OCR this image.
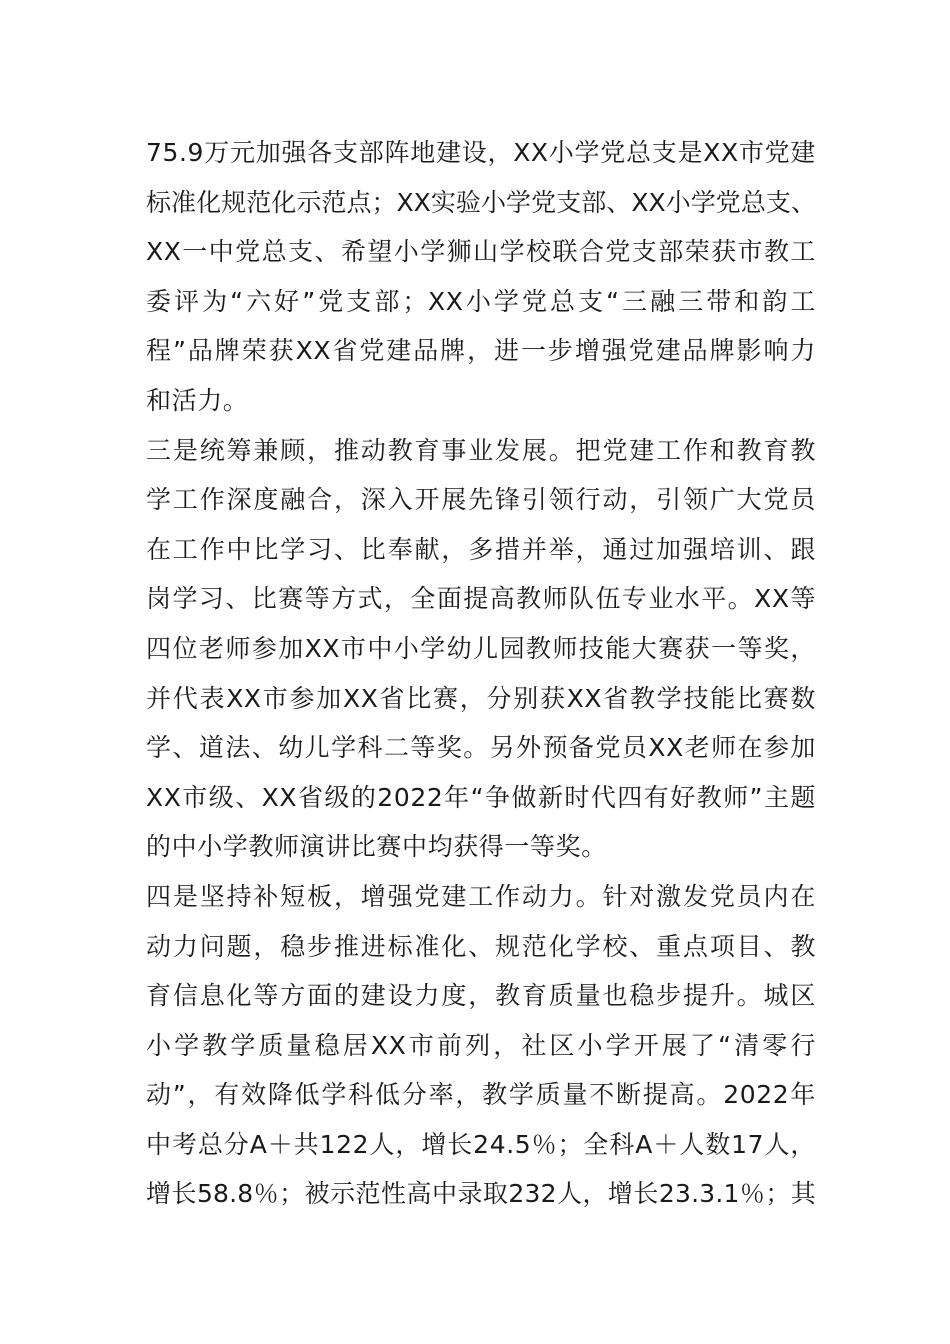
75.9万元加强各支部阵地建设，XX小学党总支是XX市党建
标准化规范化示范点；XX实验小学党支部、XX小学党总支、
XX一中党总支、希望小学狮山学校联合党支部荣获市教工
委评为“六好”党支部；XX小学党总支“三融三带和韵工
程”品牌荣获XX省党建品牌，进一步增强党建品牌影响力
和活力。
三是统筹兼顾，推动教育事业发展。把党建工作和教育教
学工作深度融合，深入开展先锋引领行动，引领广大党员
在工作中比学习、比奉献，多措并举，通过加强培训、跟
岗学习、比赛等方式，全面提高教师队伍专业水平。XX等
四位老师参加XX市中小学幼儿园教师技能大赛获一等奖，
并代表XX市参加XX省比赛，分别获XX省教学技能比赛数
学、道法、幼儿学科二等奖。另外预备党员XX老师在参加
XX市级、XX省级的2022年“争做新时代四有好教师”主题
的中小学教师演讲比赛中均获得一等奖。
四是坚持补短板，增强党建工作动力。针对激发党员内在
动力问题，稳步推进标准化、规范化学校、重点项目、教
育信息化等方面的建设力度，教育质量也稳步提升。城区
小学教学质量稳居XX市前列，社区小学开展了“清零行
动”，有效降低学科低分率，教学质量不断提高。2022年
中考总分A＋共122人，增长24.5％；全科A＋人数17人，
增长58.8％；被示范性高中录取232人，增长23.3.1％；其
